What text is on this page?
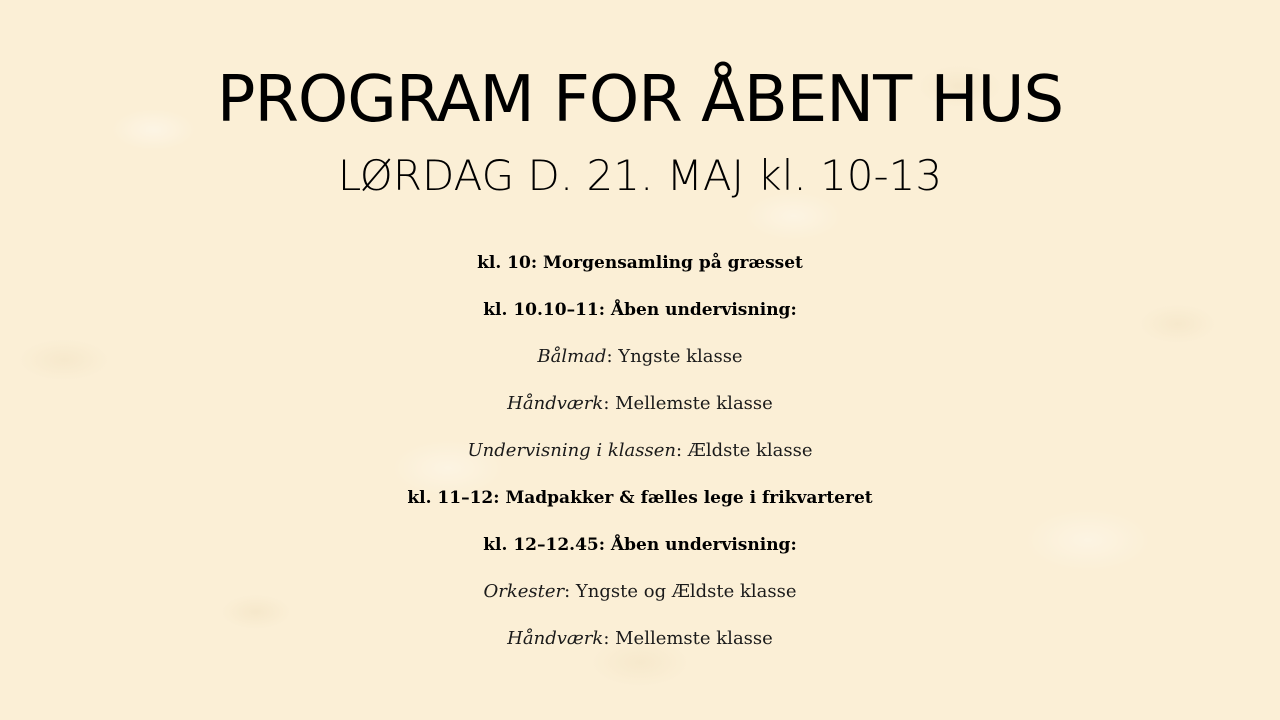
PROGRAM FOR ÅBENT HUS
LØRDAG D. 21. MAJ kl. 10-13
kl. 10: Morgensamling på græsset
kl. 10.10–11: Åben undervisning:
Bålmad: Yngste klasse
Håndværk: Mellemste klasse
Undervisning i klassen: Ældste klasse
kl. 11–12: Madpakker & fælles lege i frikvarteret
kl. 12–12.45: Åben undervisning:
Orkester: Yngste og Ældste klasse
Håndværk: Mellemste klasse
